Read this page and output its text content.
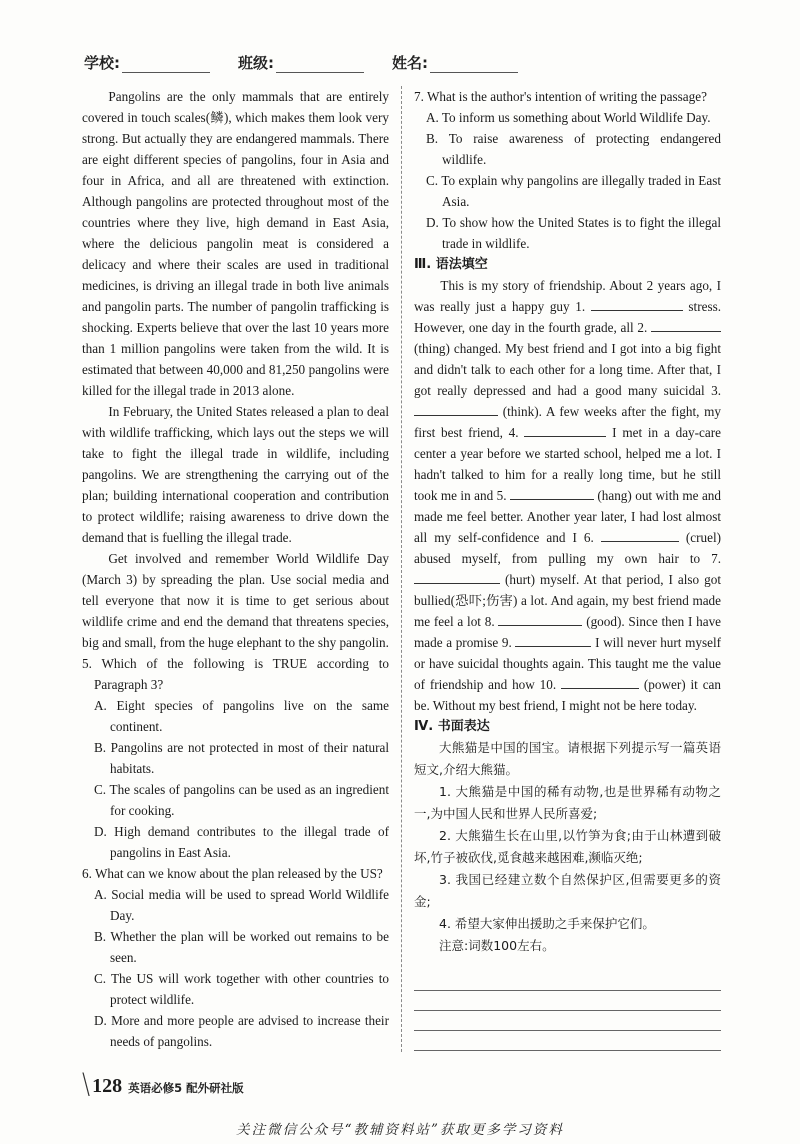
学校:	班级:	姓名:

Pangolins are the only mammals that are entirely covered in touch scales(鳞), which makes them look very strong. But actually they are endangered mammals. There are eight different species of pangolins, four in Asia and four in Africa, and all are threatened with extinction. Although pangolins are protected throughout most of the countries where they live, high demand in East Asia, where the delicious pangolin meat is considered a delicacy and where their scales are used in traditional medicines, is driving an illegal trade in both live animals and pangolin parts. The number of pangolin trafficking is shocking. Experts believe that over the last 10 years more than 1 million pangolins were taken from the wild. It is estimated that between 40,000 and 81,250 pangolins were killed for the illegal trade in 2013 alone.

In February, the United States released a plan to deal with wildlife trafficking, which lays out the steps we will take to fight the illegal trade in wildlife, including pangolins. We are strengthening the carrying out of the plan; building international cooperation and contribution to protect wildlife; raising awareness to drive down the demand that is fuelling the illegal trade.

Get involved and remember World Wildlife Day (March 3) by spreading the plan. Use social media and tell everyone that now it is time to get serious about wildlife crime and end the demand that threatens species, big and small, from the huge elephant to the shy pangolin.

5. Which of the following is TRUE according to Paragraph 3?

A. Eight species of pangolins live on the same continent.

B. Pangolins are not protected in most of their natural habitats.

C. The scales of pangolins can be used as an ingredient for cooking.

D. High demand contributes to the illegal trade of pangolins in East Asia.

6. What can we know about the plan released by the US?

A. Social media will be used to spread World Wildlife Day.

B. Whether the plan will be worked out remains to be seen.

C. The US will work together with other countries to protect wildlife.

D. More and more people are advised to increase their needs of pangolins.

7. What is the author's intention of writing the passage?

A. To inform us something about World Wildlife Day.

B. To raise awareness of protecting endangered wildlife.

C. To explain why pangolins are illegally traded in East Asia.

D. To show how the United States is to fight the illegal trade in wildlife.

Ⅲ. 语法填空

This is my story of friendship. About 2 years ago, I was really just a happy guy 1.	stress. However, one day in the fourth grade, all 2.  (thing) changed. My best friend and I got into a big fight and didn't talk to each other for a long time. After that, I got really depressed and had a good many suicidal 3.  (think). A few weeks after the fight, my first best friend, 4.	I met in a day-care center a year before we started school, helped me a lot. I hadn't talked to him for a really long time, but he still took me in and 5.	(hang) out with me and made me feel better. Another year later, I had lost almost all my self-confidence and I 6.	(cruel) abused myself, from pulling my own hair to 7.  (hurt) myself. At that period, I also got bullied(恐吓;伤害) a lot. And again, my best friend made me feel a lot 8.	(good). Since then I have made a promise 9.	I will never hurt myself or have suicidal thoughts again. This taught me the value of friendship and how 10.	(power) it can be. Without my best friend, I might not be here today.

Ⅳ. 书面表达

大熊猫是中国的国宝。请根据下列提示写一篇英语短文,介绍大熊猫。

1. 大熊猫是中国的稀有动物,也是世界稀有动物之一,为中国人民和世界人民所喜爱;

2. 大熊猫生长在山里,以竹笋为食;由于山林遭到破坏,竹子被砍伐,觅食越来越困难,濒临灭绝;

3. 我国已经建立数个自然保护区,但需要更多的资金;

4. 希望大家伸出援助之手来保护它们。

注意:词数100左右。

\ 128 英语必修5 配外研社版
关注微信公众号“教辅资料站”获取更多学习资料
